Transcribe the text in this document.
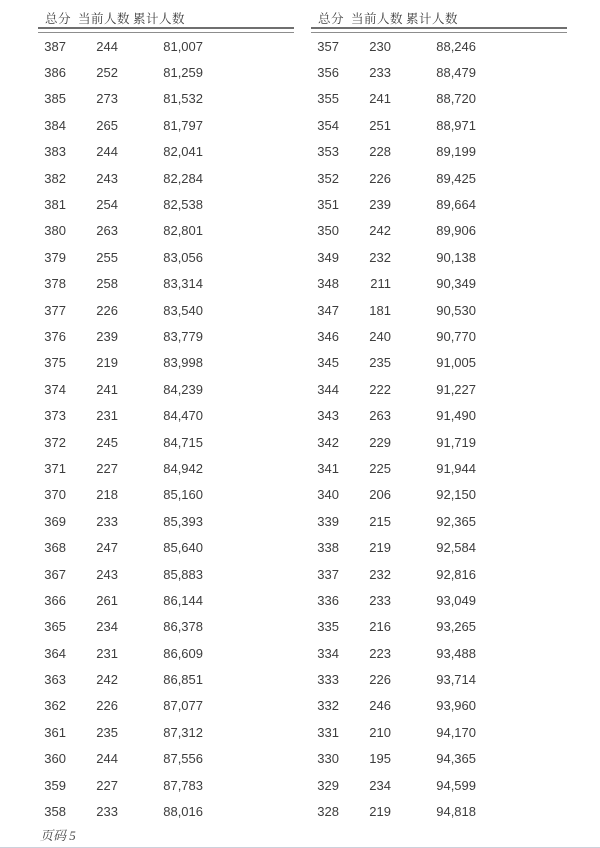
总分 当前人数 累计人数
387	244	81,007
386	252	81,259
385	273	81,532
384	265	81,797
383	244	82,041
382	243	82,284
381	254	82,538
380	263	82,801
379	255	83,056
378	258	83,314
377	226	83,540
376	239	83,779
375	219	83,998
374	241	84,239
373	231	84,470
372	245	84,715
371	227	84,942
370	218	85,160
369	233	85,393
368	247	85,640
367	243	85,883
366	261	86,144
365	234	86,378
364	231	86,609
363	242	86,851
362	226	87,077
361	235	87,312
360	244	87,556
359	227	87,783
358	233	88,016
总分 当前人数 累计人数
357	230	88,246
356	233	88,479
355	241	88,720
354	251	88,971
353	228	89,199
352	226	89,425
351	239	89,664
350	242	89,906
349	232	90,138
348	211	90,349
347	181	90,530
346	240	90,770
345	235	91,005
344	222	91,227
343	263	91,490
342	229	91,719
341	225	91,944
340	206	92,150
339	215	92,365
338	219	92,584
337	232	92,816
336	233	93,049
335	216	93,265
334	223	93,488
333	226	93,714
332	246	93,960
331	210	94,170
330	195	94,365
329	234	94,599
328	219	94,818
页码 5
